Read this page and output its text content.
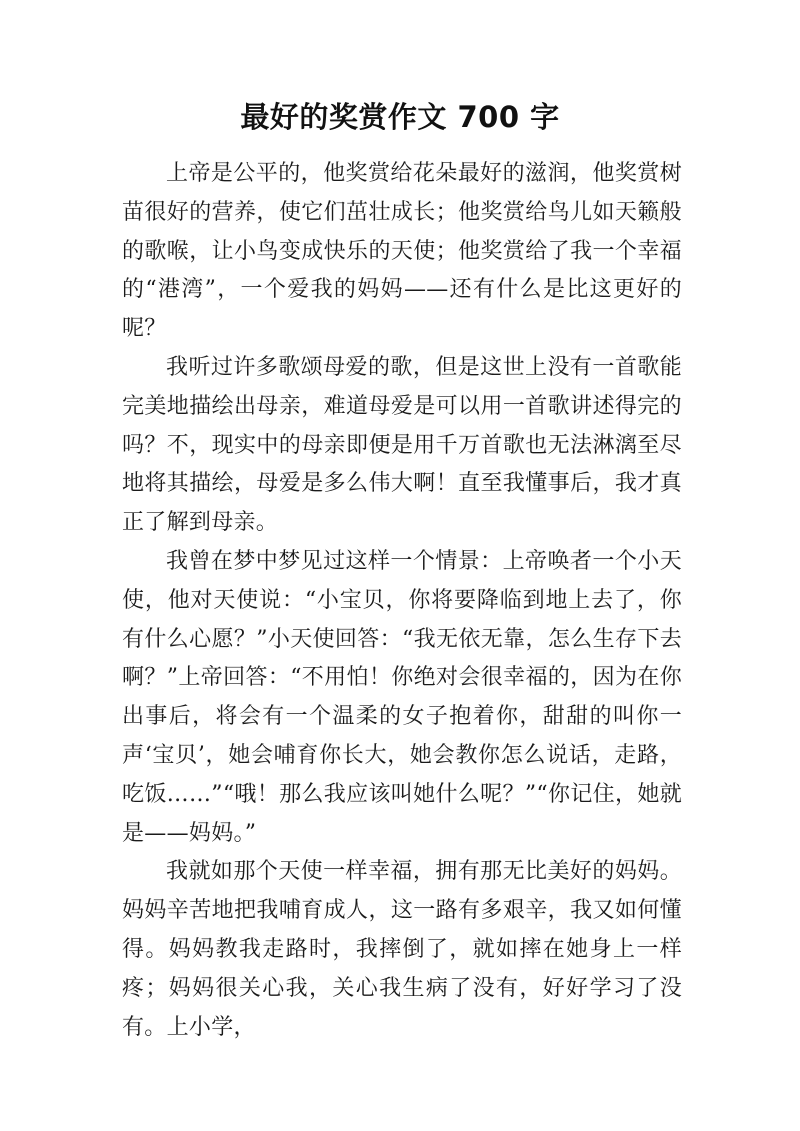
最好的奖赏作文 700 字

上帝是公平的，他奖赏给花朵最好的滋润，他奖赏树苗很好的营养，使它们茁壮成长；他奖赏给鸟儿如天籁般的歌喉，让小鸟变成快乐的天使；他奖赏给了我一个幸福的“港湾”，一个爱我的妈妈——还有什么是比这更好的呢？

我听过许多歌颂母爱的歌，但是这世上没有一首歌能完美地描绘出母亲，难道母爱是可以用一首歌讲述得完的吗？不，现实中的母亲即便是用千万首歌也无法淋漓至尽地将其描绘，母爱是多么伟大啊！直至我懂事后，我才真正了解到母亲。

我曾在梦中梦见过这样一个情景：上帝唤者一个小天使，他对天使说：“小宝贝，你将要降临到地上去了，你有什么心愿？”小天使回答：“我无依无靠，怎么生存下去啊？”上帝回答：“不用怕！你绝对会很幸福的，因为在你出事后，将会有一个温柔的女子抱着你，甜甜的叫你一声‘宝贝’，她会哺育你长大，她会教你怎么说话，走路，吃饭……”“哦！那么我应该叫她什么呢？”“你记住，她就是——妈妈。”

我就如那个天使一样幸福，拥有那无比美好的妈妈。妈妈辛苦地把我哺育成人，这一路有多艰辛，我又如何懂得。妈妈教我走路时，我摔倒了，就如摔在她身上一样疼；妈妈很关心我，关心我生病了没有，好好学习了没有。上小学，
